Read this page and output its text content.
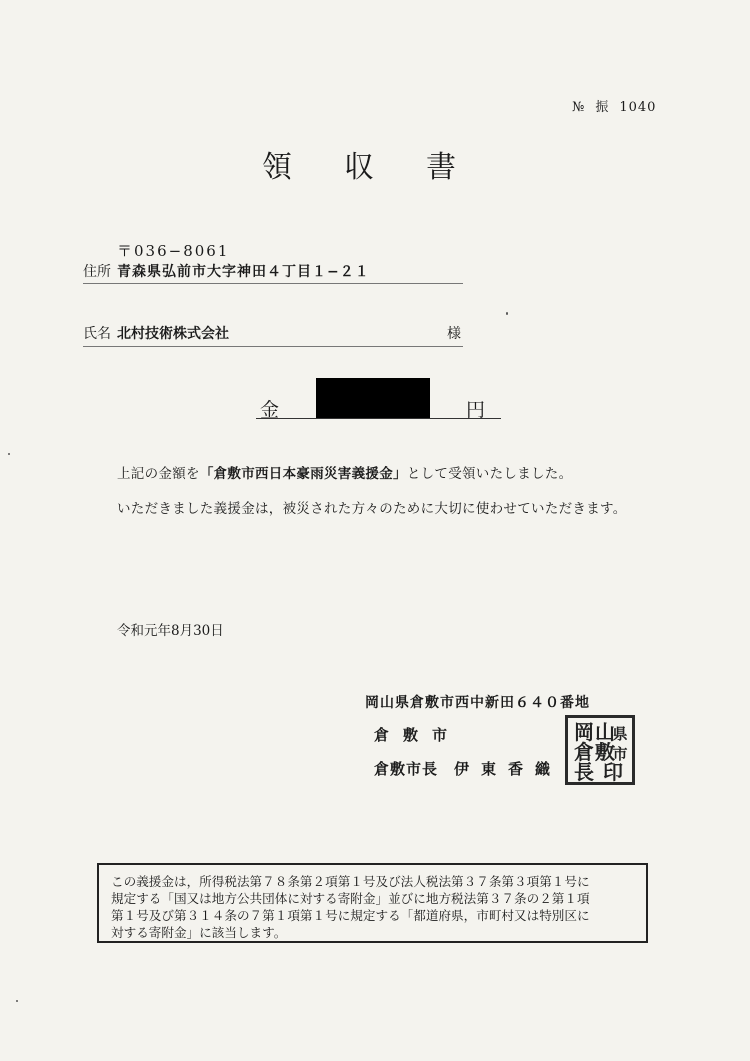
№ 振 1040
領 収 書
〒036−8061
住所 青森県弘前市大字神田４丁目１−２１
氏名 北村技術株式会社	様
金	円
上記の金額を「倉敷市西日本豪雨災害義援金」として受領いたしました。
いただきました義援金は，被災された方々のために大切に使わせていただきます。
令和元年8月30日
岡山県倉敷市西中新田６４０番地
倉敷市
倉敷市長 伊東香織
岡
倉
長
山
敷
県
市
印
この義援金は，所得税法第７８条第２項第１号及び法人税法第３７条第３項第１号に
規定する「国又は地方公共団体に対する寄附金」並びに地方税法第３７条の２第１項
第１号及び第３１４条の７第１項第１号に規定する「都道府県，市町村又は特別区に
対する寄附金」に該当します。
